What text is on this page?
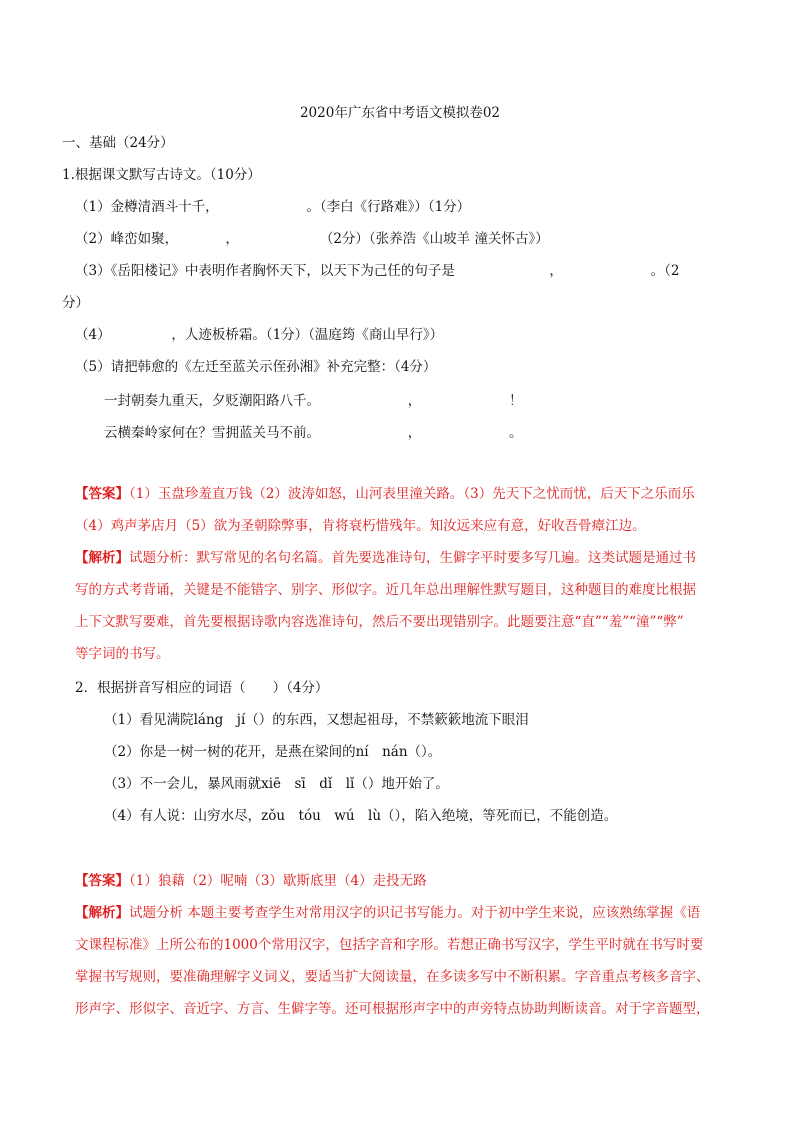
2020年广东省中考语文模拟卷02
一、基础（24分）
1.根据课文默写古诗文。（10分）
（1）金樽清酒斗十千，　　　　　　　。（李白《行路难》）（1分）
（2）峰峦如聚，　　　　，　　　　　　　（2分）（张养浩《山坡羊 潼关怀古》）
（3）《岳阳楼记》中表明作者胸怀天下，以天下为己任的句子是　　　　　　　，　　　　　　　。（2
分）
（4）　　　　　，人迹板桥霜。（1分）（温庭筠《商山早行》）
（5）请把韩愈的《左迁至蓝关示侄孙湘》补充完整：（4分）
一封朝奏九重天，夕贬潮阳路八千。　　　　　　　，　　　　　　　！
云横秦岭家何在？雪拥蓝关马不前。　　　　　　　，　　　　　　　。
【答案】（1）玉盘珍羞直万钱（2）波涛如怒，山河表里潼关路。（3）先天下之忧而忧，后天下之乐而乐
（4）鸡声茅店月（5）欲为圣朝除弊事，肯将衰朽惜残年。知汝远来应有意，好收吾骨瘴江边。
【解析】试题分析：默写常见的名句名篇。首先要选准诗句，生僻字平时要多写几遍。这类试题是通过书
写的方式考背诵，关键是不能错字、别字、形似字。近几年总出理解性默写题目，这种题目的难度比根据
上下文默写要难，首先要根据诗歌内容选准诗句，然后不要出现错别字。此题要注意“直”“羞”“潼”“弊”
等字词的书写。
2．根据拼音写相应的词语（　　）（4分）
（1）看见满院láng　jí（）的东西，又想起祖母，不禁簌簌地流下眼泪
（2）你是一树一树的花开，是燕在梁间的ní　nán（）。
（3）不一会儿，暴风雨就xiē　sī　dǐ　lǐ（）地开始了。
（4）有人说：山穷水尽，zǒu　tóu　wú　lù（），陷入绝境，等死而已，不能创造。
【答案】（1）狼藉（2）呢喃（3）歇斯底里（4）走投无路
【解析】试题分析 本题主要考查学生对常用汉字的识记书写能力。对于初中学生来说，应该熟练掌握《语
文课程标准》上所公布的1000个常用汉字，包括字音和字形。若想正确书写汉字，学生平时就在书写时要
掌握书写规则，要准确理解字义词义，要适当扩大阅读量，在多读多写中不断积累。字音重点考核多音字、
形声字、形似字、音近字、方言、生僻字等。还可根据形声字中的声旁特点协助判断读音。对于字音题型，
